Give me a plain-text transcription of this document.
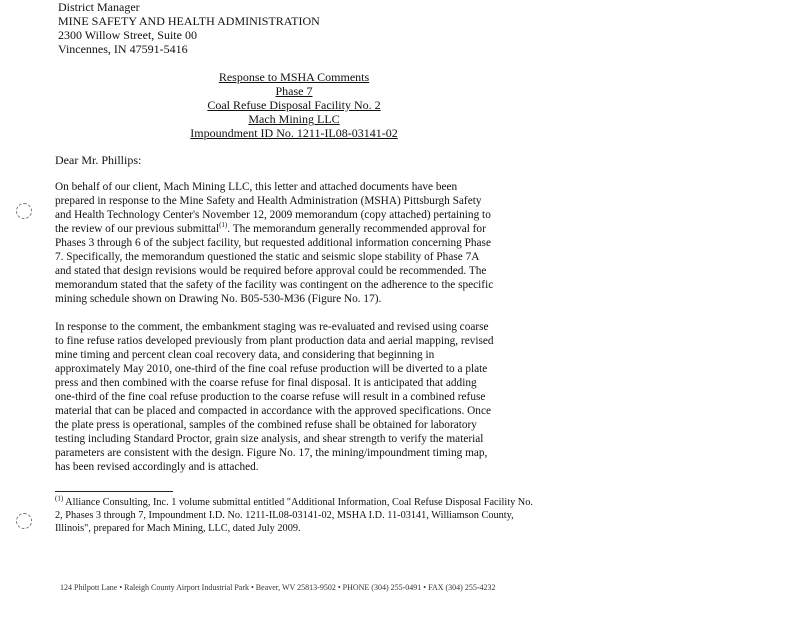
District Manager
MINE SAFETY AND HEALTH ADMINISTRATION
2300 Willow Street, Suite 00
Vincennes, IN 47591-5416
Response to MSHA Comments
Phase 7
Coal Refuse Disposal Facility No. 2
Mach Mining LLC
Impoundment ID No. 1211-IL08-03141-02
Dear Mr. Phillips:
On behalf of our client, Mach Mining LLC, this letter and attached documents have been
prepared in response to the Mine Safety and Health Administration (MSHA) Pittsburgh Safety
and Health Technology Center's November 12, 2009 memorandum (copy attached) pertaining to
the review of our previous submittal$^{(1)}$. The memorandum generally recommended approval for
Phases 3 through 6 of the subject facility, but requested additional information concerning Phase
7. Specifically, the memorandum questioned the static and seismic slope stability of Phase 7A
and stated that design revisions would be required before approval could be recommended. The
memorandum stated that the safety of the facility was contingent on the adherence to the specific
mining schedule shown on Drawing No. B05-530-M36 (Figure No. 17).
In response to the comment, the embankment staging was re-evaluated and revised using coarse
to fine refuse ratios developed previously from plant production data and aerial mapping, revised
mine timing and percent clean coal recovery data, and considering that beginning in
approximately May 2010, one-third of the fine coal refuse production will be diverted to a plate
press and then combined with the coarse refuse for final disposal. It is anticipated that adding
one-third of the fine coal refuse production to the coarse refuse will result in a combined refuse
material that can be placed and compacted in accordance with the approved specifications. Once
the plate press is operational, samples of the combined refuse shall be obtained for laboratory
testing including Standard Proctor, grain size analysis, and shear strength to verify the material
parameters are consistent with the design. Figure No. 17, the mining/impoundment timing map,
has been revised accordingly and is attached.
$^{(1)}$ Alliance Consulting, Inc. 1 volume submittal entitled "Additional Information, Coal Refuse Disposal Facility No.
2, Phases 3 through 7, Impoundment I.D. No. 1211-IL08-03141-02, MSHA I.D. 11-03141, Williamson County,
Illinois", prepared for Mach Mining, LLC, dated July 2009.
124 Philpott Lane • Raleigh County Airport Industrial Park • Beaver, WV 25813-9502 • PHONE (304) 255-0491 • FAX (304) 255-4232
